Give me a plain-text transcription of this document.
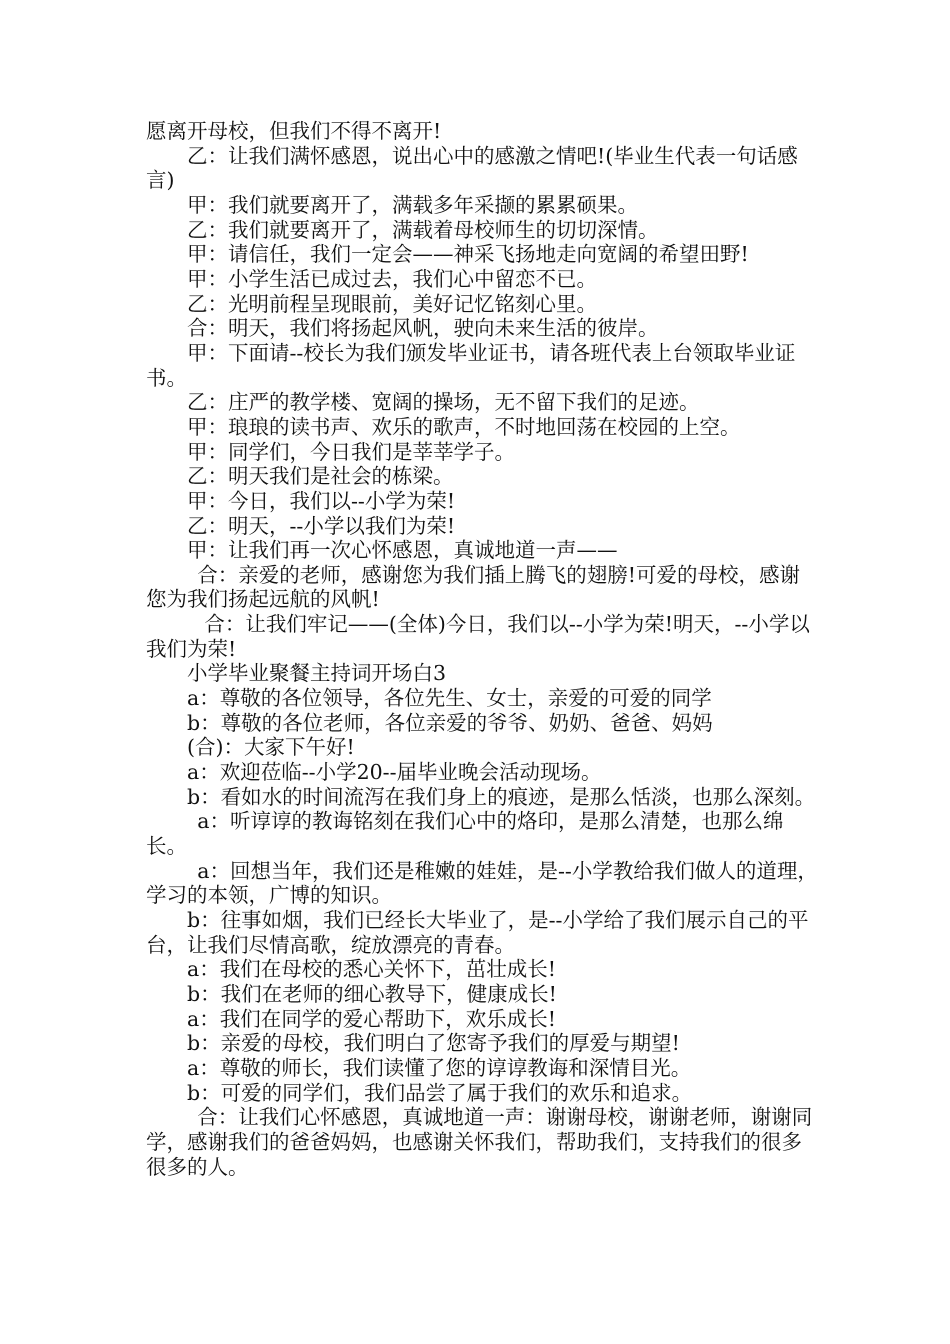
愿离开母校，但我们不得不离开!

乙：让我们满怀感恩，说出心中的感激之情吧!(毕业生代表一句话感言)

甲：我们就要离开了，满载多年采撷的累累硕果。

乙：我们就要离开了，满载着母校师生的切切深情。

甲：请信任，我们一定会——神采飞扬地走向宽阔的希望田野!

甲：小学生活已成过去，我们心中留恋不已。

乙：光明前程呈现眼前，美好记忆铭刻心里。

合：明天，我们将扬起风帆，驶向未来生活的彼岸。

甲：下面请--校长为我们颁发毕业证书，请各班代表上台领取毕业证书。

乙：庄严的教学楼、宽阔的操场，无不留下我们的足迹。

甲：琅琅的读书声、欢乐的歌声，不时地回荡在校园的上空。

甲：同学们，今日我们是莘莘学子。

乙：明天我们是社会的栋梁。

甲：今日，我们以--小学为荣!

乙：明天，--小学以我们为荣!

甲：让我们再一次心怀感恩，真诚地道一声——

合：亲爱的老师，感谢您为我们插上腾飞的翅膀!可爱的母校，感谢您为我们扬起远航的风帆!

合：让我们牢记——(全体)今日，我们以--小学为荣!明天，--小学以我们为荣!

小学毕业聚餐主持词开场白3

a：尊敬的各位领导，各位先生、女士，亲爱的可爱的同学

b：尊敬的各位老师，各位亲爱的爷爷、奶奶、爸爸、妈妈

(合)：大家下午好!

a：欢迎莅临--小学20--届毕业晚会活动现场。

b：看如水的时间流泻在我们身上的痕迹，是那么恬淡，也那么深刻。

a：听谆谆的教诲铭刻在我们心中的烙印，是那么清楚，也那么绵长。

a：回想当年，我们还是稚嫩的娃娃，是--小学教给我们做人的道理，学习的本领，广博的知识。

b：往事如烟，我们已经长大毕业了，是--小学给了我们展示自己的平台，让我们尽情高歌，绽放漂亮的青春。

a：我们在母校的悉心关怀下，茁壮成长!

b：我们在老师的细心教导下，健康成长!

a：我们在同学的爱心帮助下，欢乐成长!

b：亲爱的母校，我们明白了您寄予我们的厚爱与期望!

a：尊敬的师长，我们读懂了您的谆谆教诲和深情目光。

b：可爱的同学们，我们品尝了属于我们的欢乐和追求。

合：让我们心怀感恩，真诚地道一声：谢谢母校，谢谢老师，谢谢同学，感谢我们的爸爸妈妈，也感谢关怀我们，帮助我们，支持我们的很多很多的人。
